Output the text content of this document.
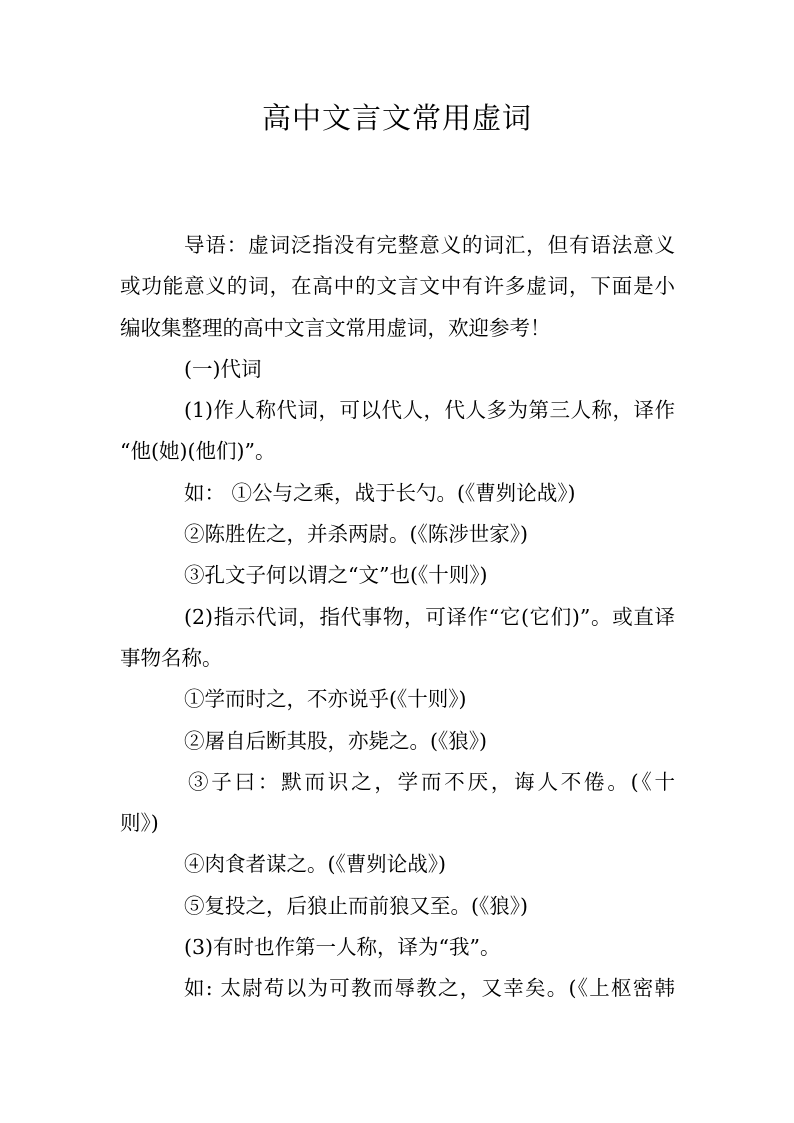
高中文言文常用虚词

导语：虚词泛指没有完整意义的词汇，但有语法意义

或功能意义的词，在高中的文言文中有许多虚词，下面是小

编收集整理的高中文言文常用虚词，欢迎参考！

(一)代词

(1)作人称代词，可以代人，代人多为第三人称，译作

“他(她)(他们)”。

如： ①公与之乘，战于长勺。(《曹刿论战》)

②陈胜佐之，并杀两尉。(《陈涉世家》)

③孔文子何以谓之“文”也(《十则》)

(2)指示代词，指代事物，可译作“它(它们)”。或直译

事物名称。

①学而时之，不亦说乎(《十则》)

②屠自后断其股，亦毙之。(《狼》)

③子曰：默而识之，学而不厌，诲人不倦。(《十

则》)

④肉食者谋之。(《曹刿论战》)

⑤复投之，后狼止而前狼又至。(《狼》)

(3)有时也作第一人称，译为“我”。

如: 太尉苟以为可教而辱教之，又幸矣。(《上枢密韩
